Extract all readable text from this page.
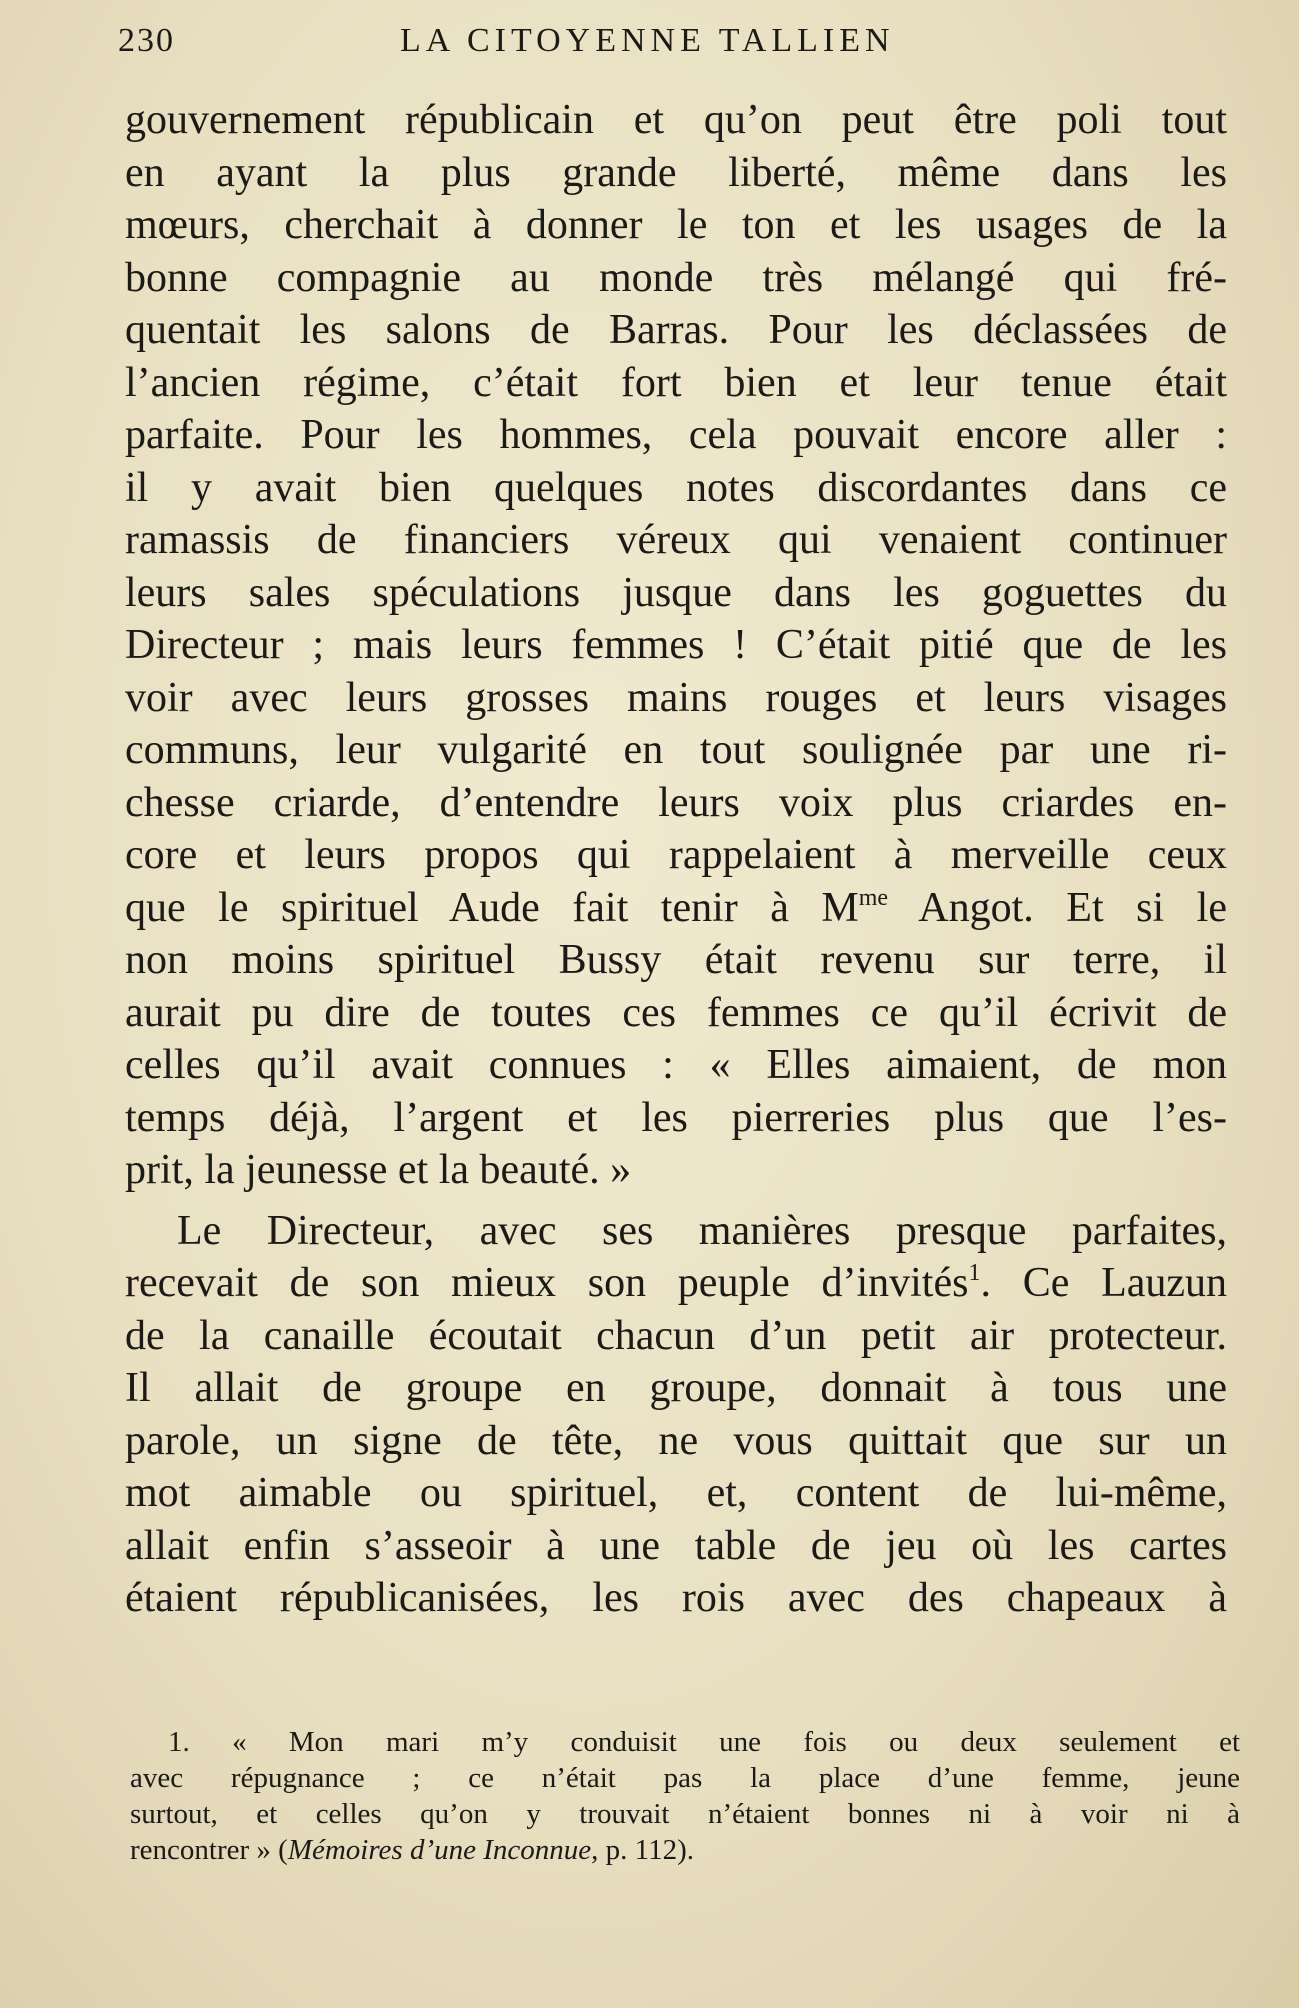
230	LA CITOYENNE TALLIEN
gouvernement républicain et qu’on peut être poli tout
en ayant la plus grande liberté, même dans les
mœurs, cherchait à donner le ton et les usages de la
bonne compagnie au monde très mélangé qui fré-
quentait les salons de Barras. Pour les déclassées de
l’ancien régime, c’était fort bien et leur tenue était
parfaite. Pour les hommes, cela pouvait encore aller :
il y avait bien quelques notes discordantes dans ce
ramassis de financiers véreux qui venaient continuer
leurs sales spéculations jusque dans les goguettes du
Directeur ; mais leurs femmes ! C’était pitié que de les
voir avec leurs grosses mains rouges et leurs visages
communs, leur vulgarité en tout soulignée par une ri-
chesse criarde, d’entendre leurs voix plus criardes en-
core et leurs propos qui rappelaient à merveille ceux
que le spirituel Aude fait tenir à M$^{me}$ Angot. Et si le
non moins spirituel Bussy était revenu sur terre, il
aurait pu dire de toutes ces femmes ce qu’il écrivit de
celles qu’il avait connues : « Elles aimaient, de mon
temps déjà, l’argent et les pierreries plus que l’es-
prit, la jeunesse et la beauté. »
Le Directeur, avec ses manières presque parfaites,
recevait de son mieux son peuple d’invités$^1$. Ce Lauzun
de la canaille écoutait chacun d’un petit air protecteur.
Il allait de groupe en groupe, donnait à tous une
parole, un signe de tête, ne vous quittait que sur un
mot aimable ou spirituel, et, content de lui-même,
allait enfin s’asseoir à une table de jeu où les cartes
étaient républicanisées, les rois avec des chapeaux à
1. « Mon mari m’y conduisit une fois ou deux seulement et
avec répugnance ; ce n’était pas la place d’une femme, jeune
surtout, et celles qu’on y trouvait n’étaient bonnes ni à voir ni à
rencontrer » (Mémoires d’une Inconnue, p. 112).
